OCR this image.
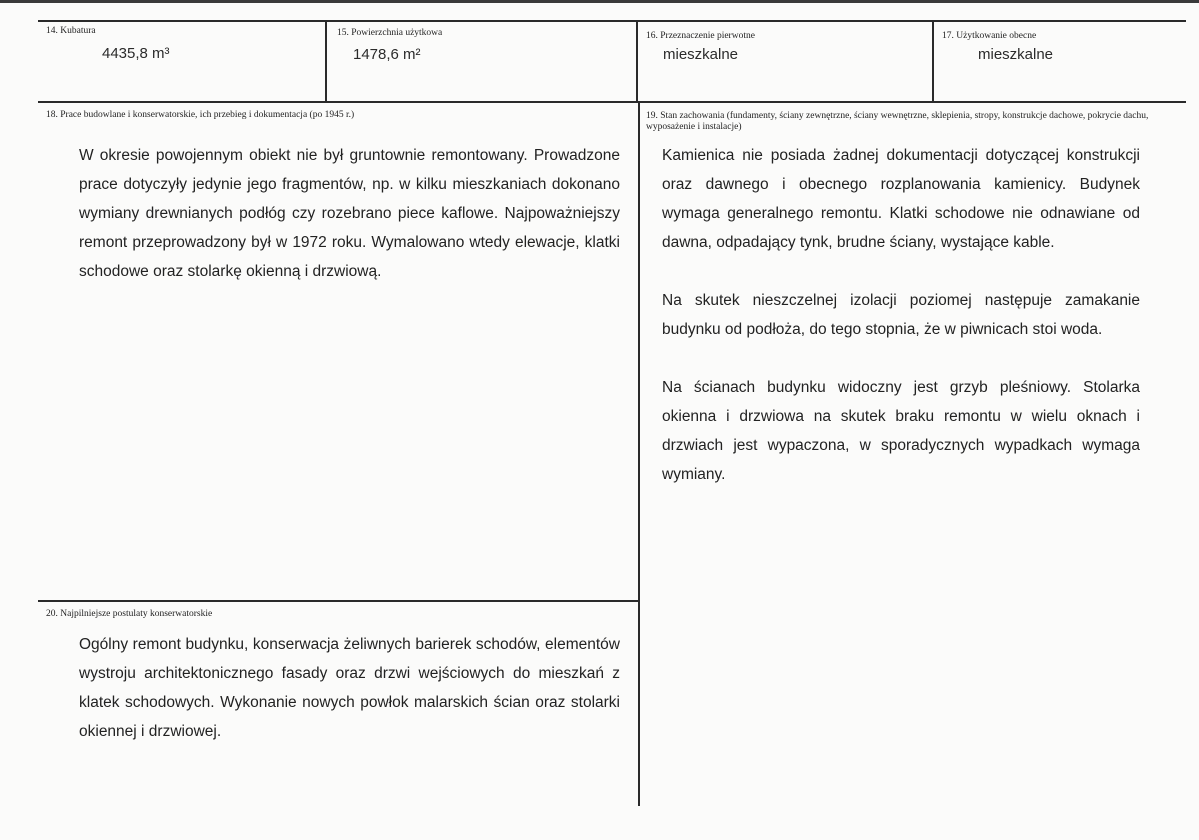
14. Kubatura
4435,8 m³
15. Powierzchnia użytkowa
1478,6 m²
16. Przeznaczenie pierwotne
mieszkalne
17. Użytkowanie obecne
mieszkalne
18. Prace budowlane i konserwatorskie, ich przebieg i dokumentacja (po 1945 r.)

W okresie powojennym obiekt nie był gruntownie remontowany. Prowadzone prace dotyczyły jedynie jego fragmentów, np. w kilku mieszkaniach dokonano wymiany drewnianych podłóg czy rozebrano piece kaflowe. Najpoważniejszy remont przeprowadzony był w 1972 roku. Wymalowano wtedy elewacje, klatki schodowe oraz stolarkę okienną i drzwiową.

19. Stan zachowania (fundamenty, ściany zewnętrzne, ściany wewnętrzne, sklepienia, stropy, konstrukcje dachowe, pokrycie dachu, wyposażenie i instalacje)

Kamienica nie posiada żadnej dokumentacji dotyczącej konstrukcji oraz dawnego i obecnego rozplanowania kamienicy. Budynek wymaga generalnego remontu. Klatki schodowe nie odnawiane od dawna, odpadający tynk, brudne ściany, wystające kable.

Na skutek nieszczelnej izolacji poziomej następuje zamakanie budynku od podłoża, do tego stopnia, że w piwnicach stoi woda.

Na ścianach budynku widoczny jest grzyb pleśniowy. Stolarka okienna i drzwiowa na skutek braku remontu w wielu oknach i drzwiach jest wypaczona, w sporadycznych wypadkach wymaga wymiany.

20. Najpilniejsze postulaty konserwatorskie

Ogólny remont budynku, konserwacja żeliwnych barierek schodów, elementów wystroju architektonicznego fasady oraz drzwi wejściowych do mieszkań z klatek schodowych. Wykonanie nowych powłok malarskich ścian oraz stolarki okiennej i drzwiowej.
